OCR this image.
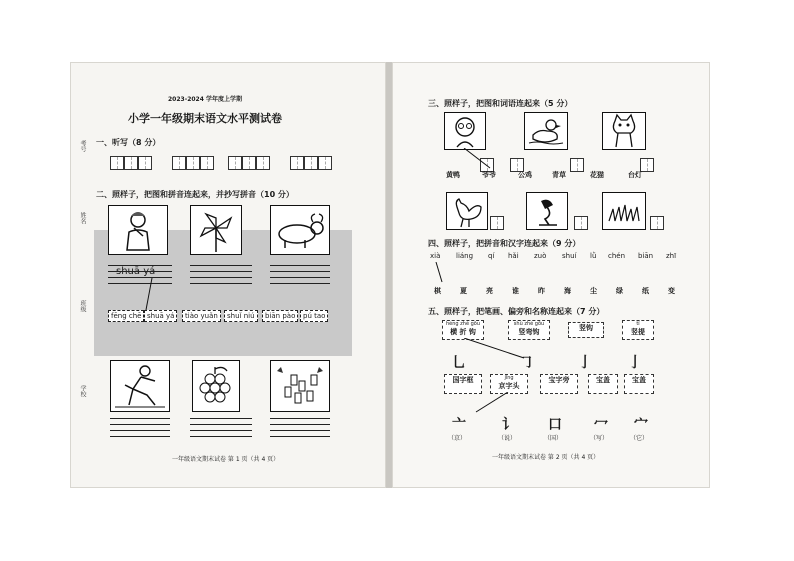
考号
姓名
班级
学校
2023-2024 学年度上学期
小学一年级期末语文水平测试卷
一、听写（8 分）
二、照样子，把图和拼音连起来，并抄写拼音（10 分）
fēng chē shuā yá	tiào yuǎn	shuǐ niú	biān pào	pú tao
一年级语文期末试卷 第 1 页（共 4 页）
三、照样子，把图和词语连起来（5 分）
黄鸭	爷爷	公鸡	青草	花猫	台灯
四、照样子，把拼音和汉字连起来（9 分）
xià liáng qí hǎi zuò shuí lǜ chén biān zhī
棋	夏	亮	谁	昨	海	尘	绿	纸	变
五、照样子，把笔画、偏旁和名称连起来（7 分）
héng zhé gōu
横 折 钩
shù zhé gōu
竖弯钩	竖钩	tí
竖提
乚	㇆	亅	亅
国字框	jīng
京字头
宝字旁	宝盖	宝盖
亠	讠 口 冖 宀
（京）	（说）	（国）	（写）	（它）
一年级语文期末试卷 第 2 页（共 4 页）
